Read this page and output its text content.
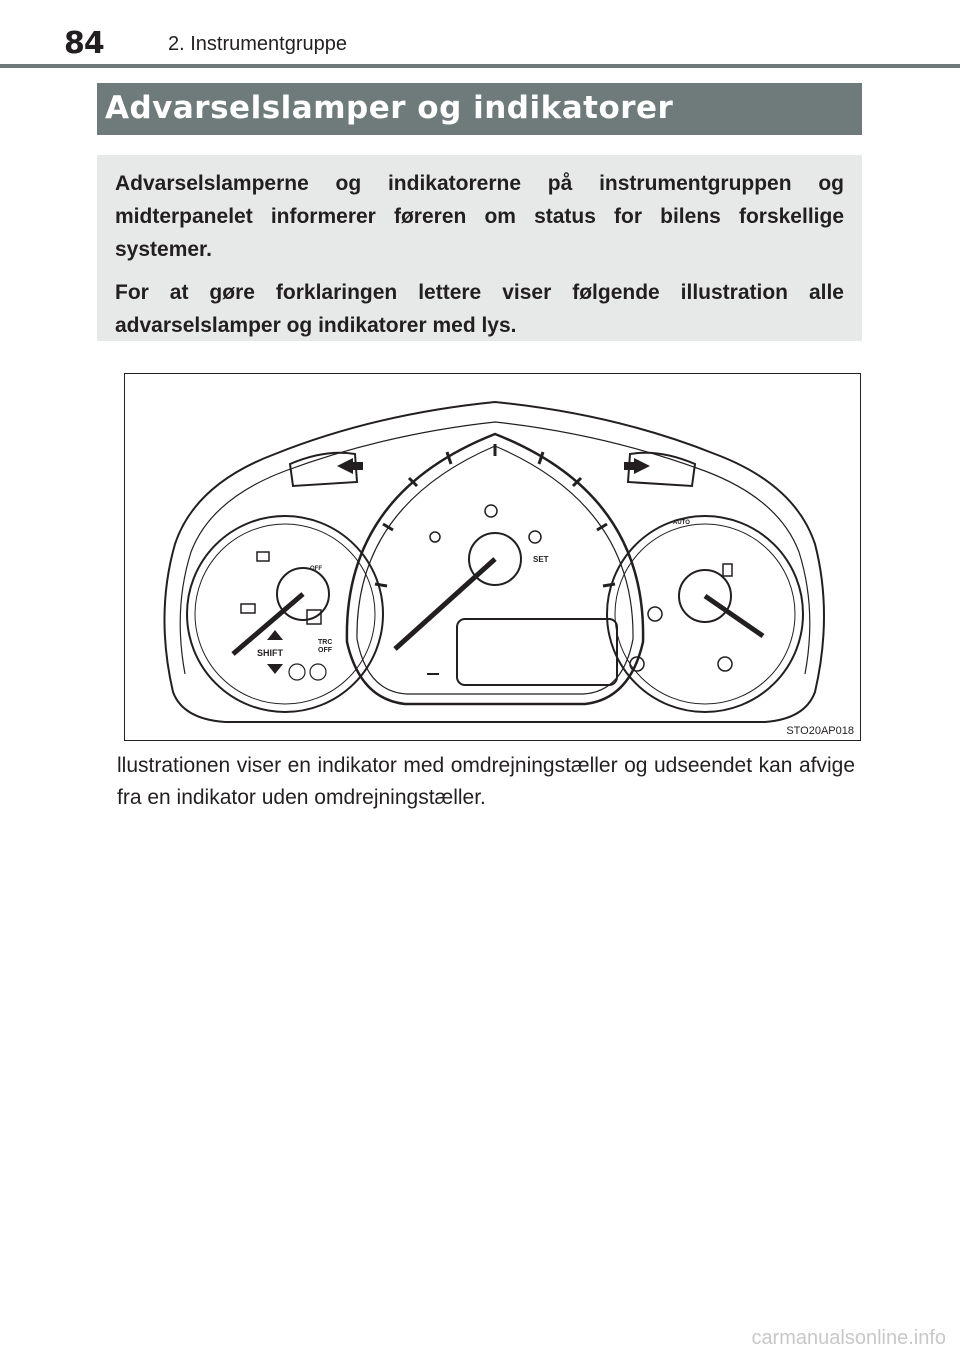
84	2. Instrumentgruppe
Advarselslamper og indikatorer

Advarselslamperne og indikatorerne på instrumentgruppen og midterpanelet informerer føreren om status for bilens forskellige systemer.

For at gøre forklaringen lettere viser følgende illustration alle advarselslamper og indikatorer med lys.

SHIFT
TRC
OFF
OFF
SET
AUTO
STO20AP018
llustrationen viser en indikator med omdrejningstæller og udseendet kan afvige fra en indikator uden omdrejningstæller.
carmanualsonline.info
